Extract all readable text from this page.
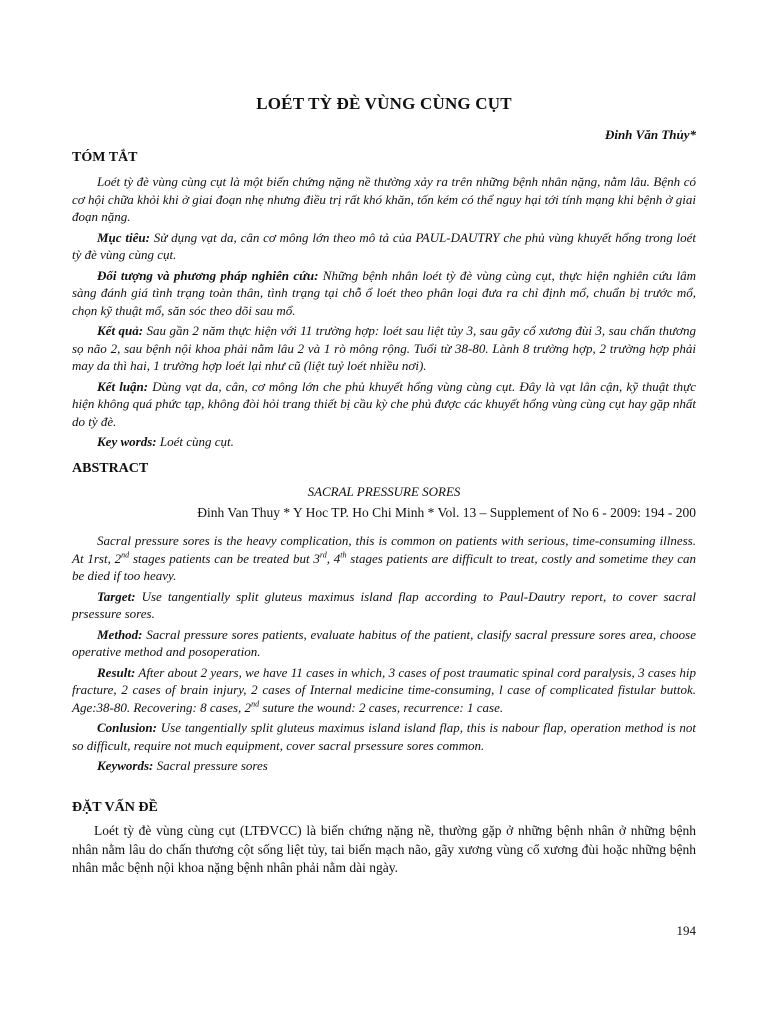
LOÉT TỲ ĐÈ VÙNG CÙNG CỤT
Đinh Văn Thủy*
TÓM TẮT

Loét tỳ đè vùng cùng cụt là một biến chứng nặng nề thường xảy ra trên những bệnh nhân nặng, nằm lâu. Bệnh có cơ hội chữa khỏi khi ở giai đoạn nhẹ nhưng điều trị rất khó khăn, tốn kém có thể nguy hại tới tính mạng khi bệnh ở giai đoạn nặng.

Mục tiêu: Sử dụng vạt da, cân cơ mông lớn theo mô tả của PAUL-DAUTRY che phủ vùng khuyết hổng trong loét tỳ đè vùng cùng cụt.

Đối tượng và phương pháp nghiên cứu: Những bệnh nhân loét tỳ đè vùng cùng cụt, thực hiện nghiên cứu lâm sàng đánh giá tình trạng toàn thân, tình trạng tại chỗ ổ loét theo phân loại đưa ra chỉ định mổ, chuẩn bị trước mổ, chọn kỹ thuật mổ, săn sóc theo dõi sau mổ.

Kết quả: Sau gần 2 năm thực hiện với 11 trường hợp: loét sau liệt tủy 3, sau gãy cổ xương đùi 3, sau chấn thương sọ não 2, sau bệnh nội khoa phải nằm lâu 2 và 1 rò mông rộng. Tuổi từ 38-80. Lành 8 trường hợp, 2 trường hợp phải may da thì hai, 1 trường hợp loét lại như cũ (liệt tuỷ loét nhiều nơi).

Kết luận: Dùng vạt da, cân, cơ mông lớn che phủ khuyết hổng vùng cùng cụt. Đây là vạt lân cận, kỹ thuật thực hiện không quá phức tạp, không đòi hỏi trang thiết bị cầu kỳ che phủ được các khuyết hổng vùng cùng cụt hay gặp nhất do tỳ đè.

Key words: Loét cùng cụt.

ABSTRACT
SACRAL PRESSURE SORES
Đinh Van Thuy * Y Hoc TP. Ho Chi Minh * Vol. 13 – Supplement of No 6 - 2009: 194 - 200

Sacral pressure sores is the heavy complication, this is common on patients with serious, time-consuming illness. At 1rst, 2nd stages patients can be treated but 3rd, 4th stages patients are difficult to treat, costly and sometime they can be died if too heavy.

Target: Use tangentially split gluteus maximus island flap according to Paul-Dautry report, to cover sacral prsessure sores.

Method: Sacral pressure sores patients, evaluate habitus of the patient, clasify sacral pressure sores area, choose operative method and posoperation.

Result: After about 2 years, we have 11 cases in which, 3 cases of post traumatic spinal cord paralysis, 3 cases hip fracture, 2 cases of brain injury, 2 cases of Internal medicine time-consuming, l case of complicated fistular buttok. Age:38-80. Recovering: 8 cases, 2nd suture the wound: 2 cases, recurrence: 1 case.

Conlusion: Use tangentially split gluteus maximus island island flap, this is nabour flap, operation method is not so difficult, require not much equipment, cover sacral prsessure sores common.

Keywords: Sacral pressure sores

ĐẶT VẤN ĐỀ

Loét tỳ đè vùng cùng cụt (LTĐVCC) là biến chứng nặng nề, thường gặp ở những bệnh nhân ở những bệnh nhân nằm lâu do chấn thương cột sống liệt tủy, tai biến mạch não, gãy xương vùng cổ xương đùi hoặc những bệnh nhân mắc bệnh nội khoa nặng bệnh nhân phải nằm dài ngày.

194
